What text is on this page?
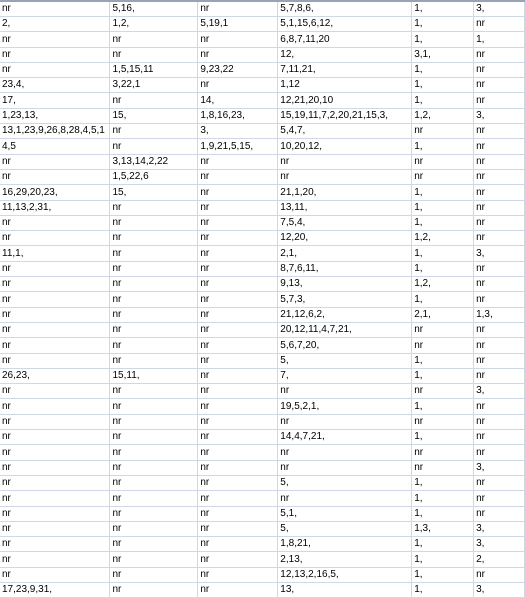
nr	5,16,	nr	5,7,8,6,	1,	3,
2,	1,2,	5,19,1	5,1,15,6,12,	1,	nr
nr	nr	nr	6,8,7,11,20	1,	1,
nr	nr	nr	12,	3,1,	nr
nr	1,5,15,11	9,23,22	7,11,21,	1,	nr
23,4,	3,22,1	nr	1,12	1,	nr
17,	nr	14,	12,21,20,10	1,	nr
1,23,13,	15,	1,8,16,23,	15,19,11,7,2,20,21,15,3,	1,2,	3,
13,1,23,9,26,8,28,4,5,1	nr	3,	5,4,7,	nr	nr
4,5	nr	1,9,21,5,15,	10,20,12,	1,	nr
nr	3,13,14,2,22	nr	nr	nr	nr
nr	1,5,22,6	nr	nr	nr	nr
16,29,20,23,	15,	nr	21,1,20,	1,	nr
11,13,2,31,	nr	nr	13,11,	1,	nr
nr	nr	nr	7,5,4,	1,	nr
nr	nr	nr	12,20,	1,2,	nr
11,1,	nr	nr	2,1,	1,	3,
nr	nr	nr	8,7,6,11,	1,	nr
nr	nr	nr	9,13,	1,2,	nr
nr	nr	nr	5,7,3,	1,	nr
nr	nr	nr	21,12,6,2,	2,1,	1,3,
nr	nr	nr	20,12,11,4,7,21,	nr	nr
nr	nr	nr	5,6,7,20,	nr	nr
nr	nr	nr	5,	1,	nr
26,23,	15,11,	nr	7,	1,	nr
nr	nr	nr	nr	nr	3,
nr	nr	nr	19,5,2,1,	1,	nr
nr	nr	nr	nr	nr	nr
nr	nr	nr	14,4,7,21,	1,	nr
nr	nr	nr	nr	nr	nr
nr	nr	nr	nr	nr	3,
nr	nr	nr	5,	1,	nr
nr	nr	nr	nr	1,	nr
nr	nr	nr	5,1,	1,	nr
nr	nr	nr	5,	1,3,	3,
nr	nr	nr	1,8,21,	1,	3,
nr	nr	nr	2,13,	1,	2,
nr	nr	nr	12,13,2,16,5,	1,	nr
17,23,9,31,	nr	nr	13,	1,	3,
